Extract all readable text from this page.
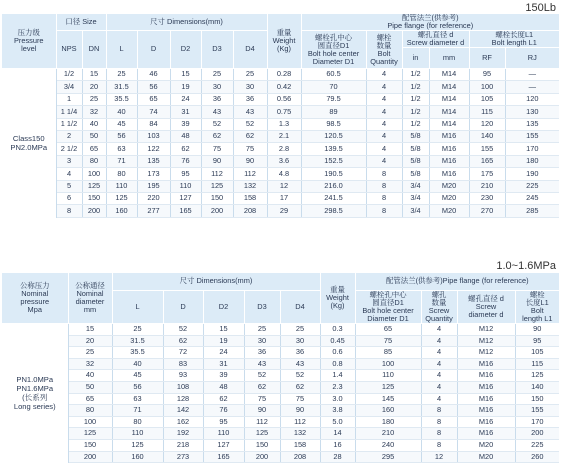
150Lb
压力级
Pressure
level	口径 Size		尺寸 Dimensions(mm)					重量
Weight
(Kg)	配管法兰(供参考)
Pipe flange (for reference)					
	NPS	DN	L	D	D2	D3	D4		螺栓孔中心
圆直径D1
Bolt hole center
Diameter D1	螺栓
数量
Bolt
Quantity	螺孔直径 d
Screw diameter d		螺栓长度L1
Bolt length L1	
											in	mm	RF	RJ
Class150
PN2.0MPa	1/2	15	25	46	15	25	25	0.28	60.5	4	1/2	M14	95	—
	3/4	20	31.5	56	19	30	30	0.42	70	4	1/2	M14	100	—
	1	25	35.5	65	24	36	36	0.56	79.5	4	1/2	M14	105	120
	1 1/4	32	40	74	31	43	43	0.75	89	4	1/2	M14	115	130
	1 1/2	40	45	84	39	52	52	1.3	98.5	4	1/2	M14	120	135
	2	50	56	103	48	62	62	2.1	120.5	4	5/8	M16	140	155
	2 1/2	65	63	122	62	75	75	2.8	139.5	4	5/8	M16	155	170
	3	80	71	135	76	90	90	3.6	152.5	4	5/8	M16	165	180
	4	100	80	173	95	112	112	4.8	190.5	8	5/8	M16	175	190
	5	125	110	195	110	125	132	12	216.0	8	3/4	M20	210	225
	6	150	125	220	127	150	158	17	241.5	8	3/4	M20	230	245
	8	200	160	277	165	200	208	29	298.5	8	3/4	M20	270	285
1.0~1.6MPa
公称压力
Nominal
pressure
Mpa	公称通径
Nominal
diameter
mm	尺寸 Dimensions(mm)					重量
Weight
(Kg)	配管法兰(供参考)Pipe flange (for reference)			
		L	D	D2	D3	D4		螺栓孔中心
圆直径D1
Bolt hole center
Diameter D1	螺孔
数量
Screw
Quantity	螺孔直径 d
Screw
diameter d	螺栓
长度L1
Bolt
length L1
PN1.0MPa
PN1.6MPa
(长系列
Long series)	15	25	52	15	25	25	0.3	65	4	M12	90
	20	31.5	62	19	30	30	0.45	75	4	M12	95
	25	35.5	72	24	36	36	0.6	85	4	M12	105
	32	40	83	31	43	43	0.8	100	4	M16	115
	40	45	93	39	52	52	1.4	110	4	M16	125
	50	56	108	48	62	62	2.3	125	4	M16	140
	65	63	128	62	75	75	3.0	145	4	M16	150
	80	71	142	76	90	90	3.8	160	8	M16	155
	100	80	162	95	112	112	5.0	180	8	M16	170
	125	110	192	110	125	132	14	210	8	M16	200
	150	125	218	127	150	158	16	240	8	M20	225
	200	160	273	165	200	208	28	295	12	M20	260
